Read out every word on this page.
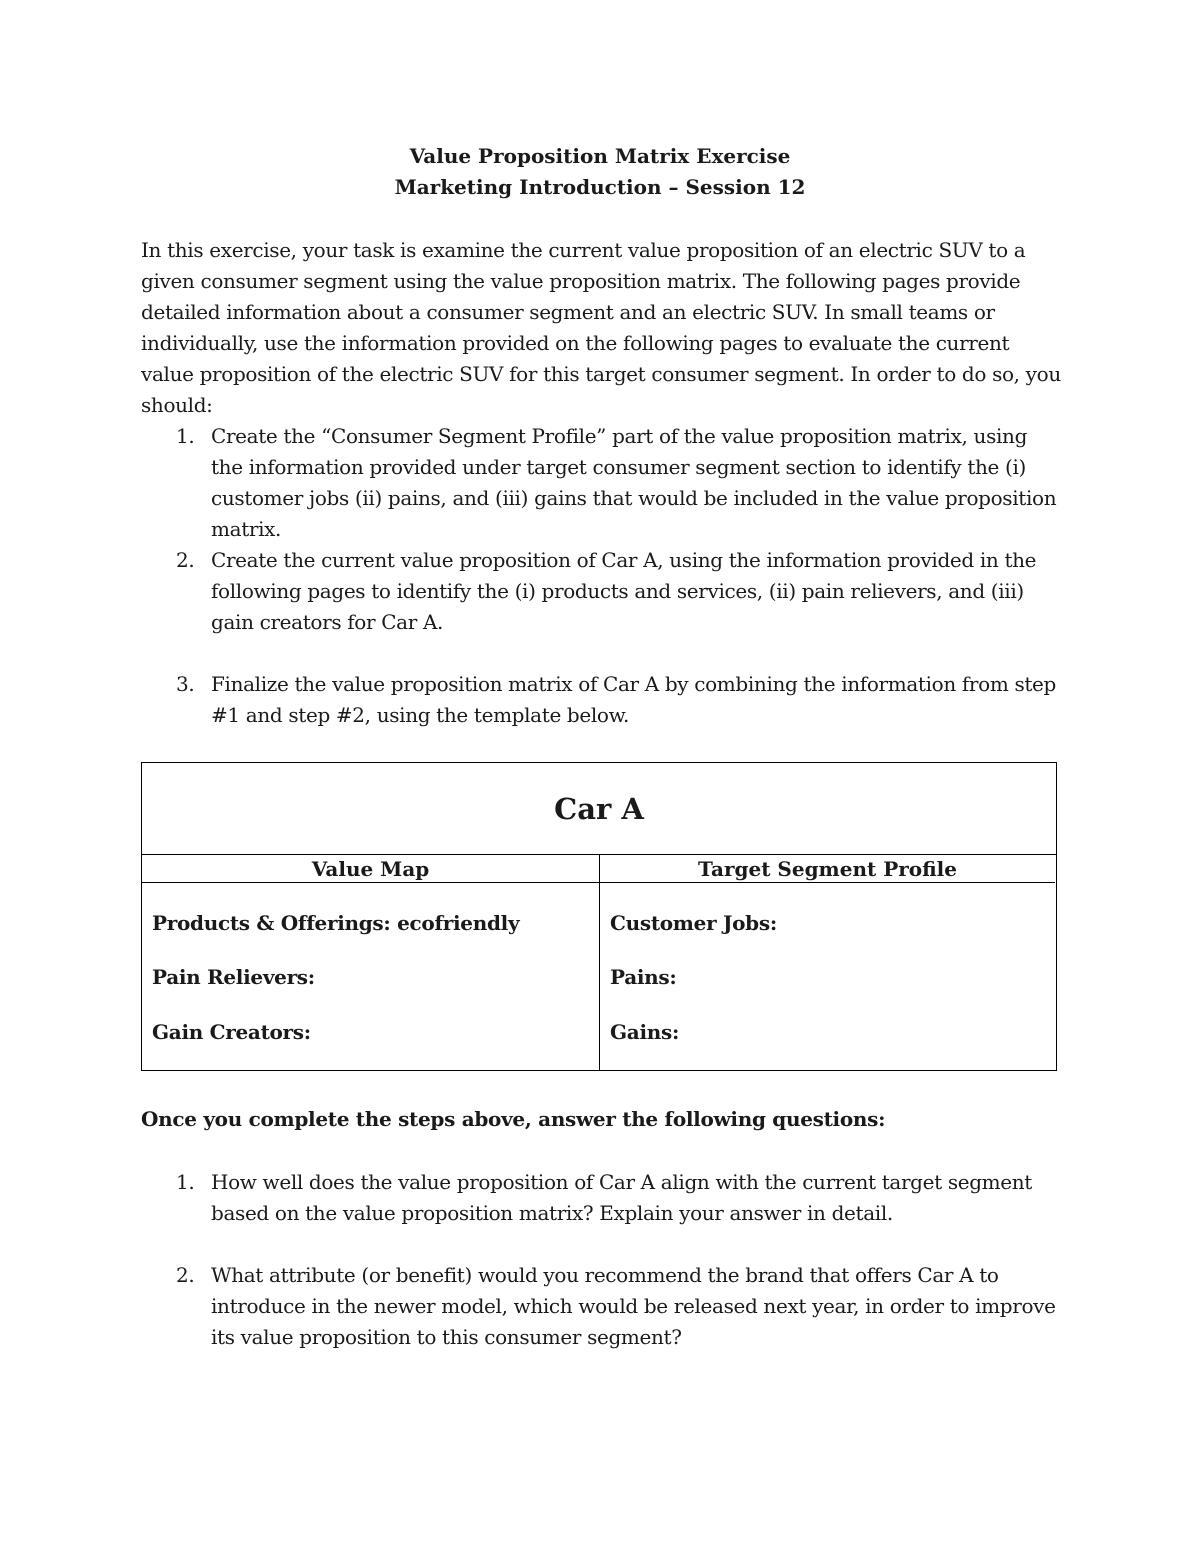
Value Proposition Matrix Exercise
Marketing Introduction – Session 12
In this exercise, your task is examine the current value proposition of an electric SUV to a given consumer segment using the value proposition matrix. The following pages provide detailed information about a consumer segment and an electric SUV. In small teams or individually, use the information provided on the following pages to evaluate the current value proposition of the electric SUV for this target consumer segment. In order to do so, you should:
1. Create the “Consumer Segment Profile” part of the value proposition matrix, using the information provided under target consumer segment section to identify the (i) customer jobs (ii) pains, and (iii) gains that would be included in the value proposition matrix.
2. Create the current value proposition of Car A, using the information provided in the following pages to identify the (i) products and services, (ii) pain relievers, and (iii) gain creators for Car A.
3. Finalize the value proposition matrix of Car A by combining the information from step #1 and step #2, using the template below.
Car A
Value Map	Target Segment Profile
Products & Offerings: ecofriendly
Pain Relievers:
Gain Creators:
Customer Jobs:
Pains:
Gains:
Once you complete the steps above, answer the following questions:
1. How well does the value proposition of Car A align with the current target segment based on the value proposition matrix? Explain your answer in detail.
2. What attribute (or benefit) would you recommend the brand that offers Car A to introduce in the newer model, which would be released next year, in order to improve its value proposition to this consumer segment?
